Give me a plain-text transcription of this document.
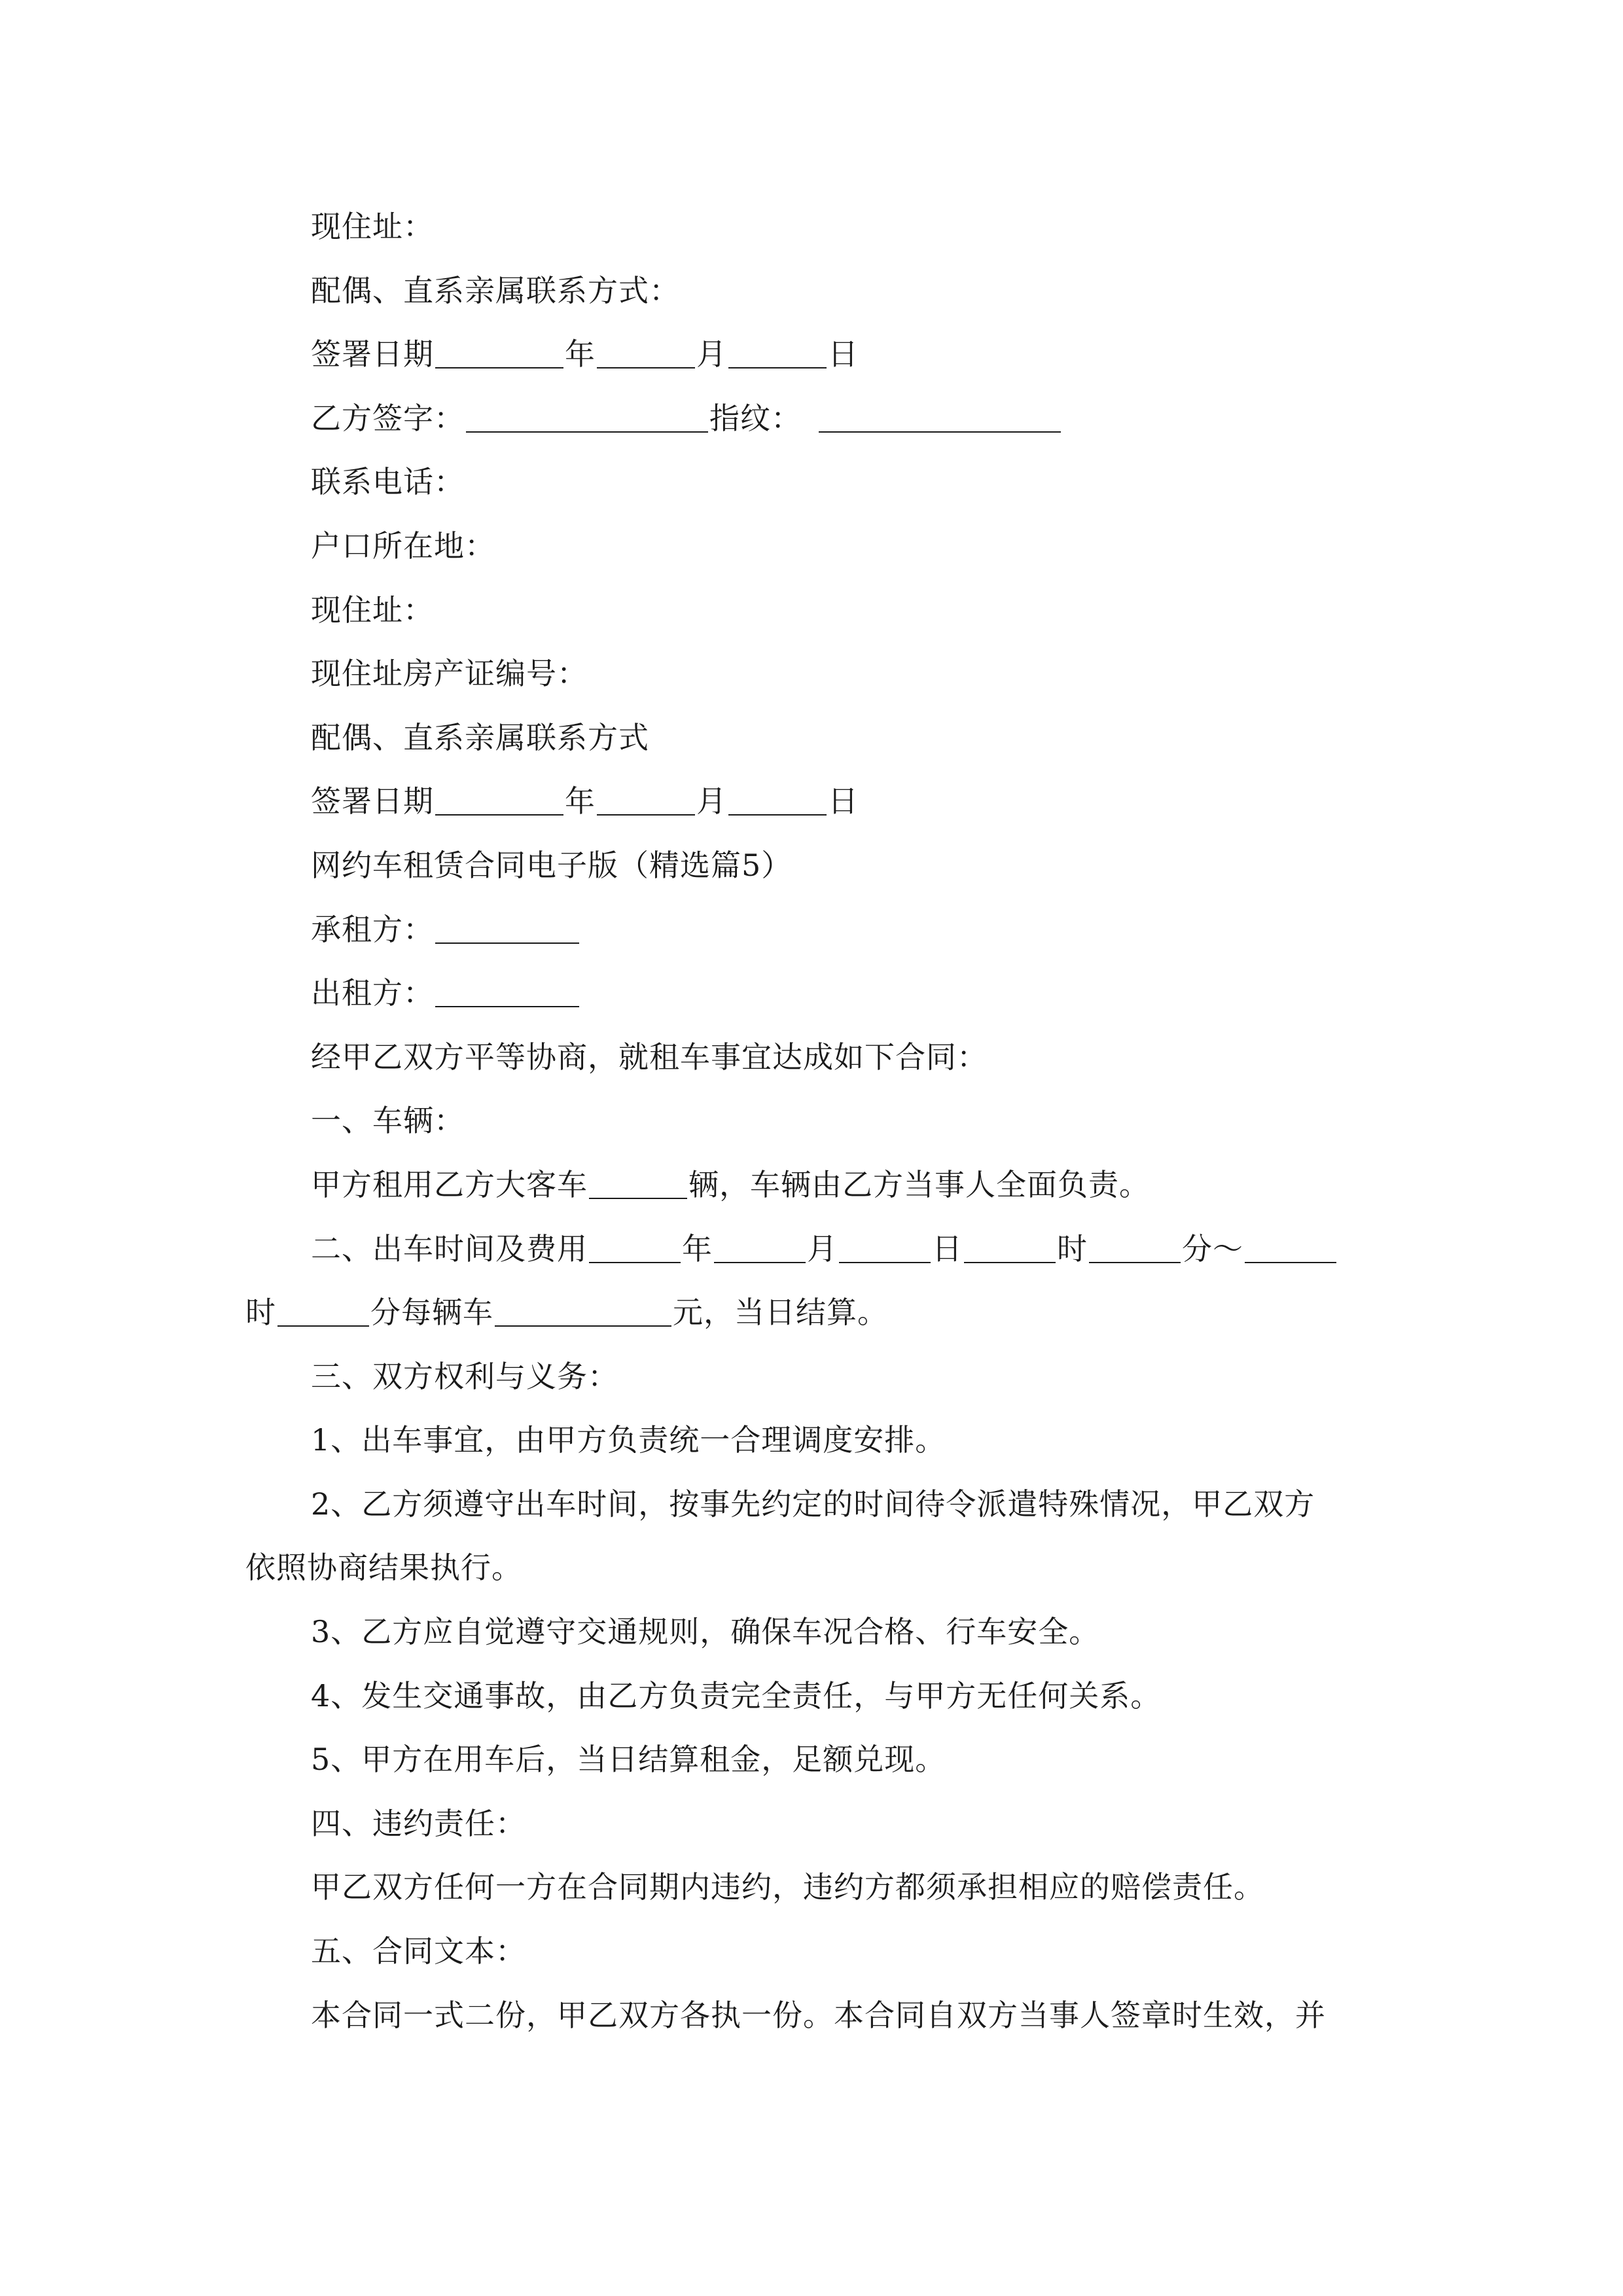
现住址：
配偶、直系亲属联系方式：
签署日期	年	月	日
乙方签字：	指纹：
联系电话：
户口所在地：
现住址：
现住址房产证编号：
配偶、直系亲属联系方式
签署日期	年	月	日
网约车租赁合同电子版（精选篇5）
承租方：
出租方：
经甲乙双方平等协商，就租车事宜达成如下合同：
一、车辆：
甲方租用乙方大客车	辆，车辆由乙方当事人全面负责。
二、出车时间及费用	年	月	日	时	分～
时	分每辆车	元，当日结算。
三、双方权利与义务：
1、出车事宜，由甲方负责统一合理调度安排。
2、乙方须遵守出车时间，按事先约定的时间待令派遣特殊情况，甲乙双方
依照协商结果执行。
3、乙方应自觉遵守交通规则，确保车况合格、行车安全。
4、发生交通事故，由乙方负责完全责任，与甲方无任何关系。
5、甲方在用车后，当日结算租金，足额兑现。
四、违约责任：
甲乙双方任何一方在合同期内违约，违约方都须承担相应的赔偿责任。
五、合同文本：
本合同一式二份，甲乙双方各执一份。本合同自双方当事人签章时生效，并
